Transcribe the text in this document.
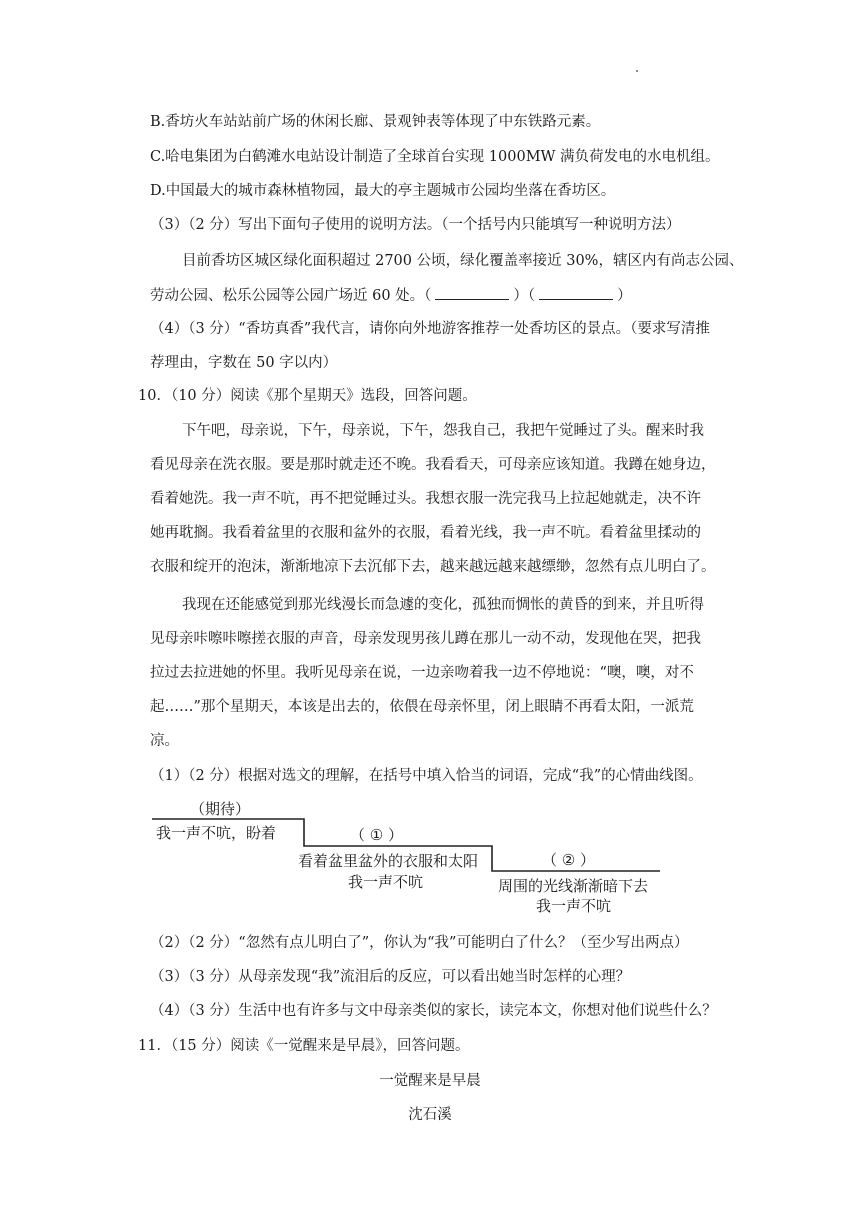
B.香坊火车站站前广场的休闲长廊、景观钟表等体现了中东铁路元素。
C.哈电集团为白鹤滩水电站设计制造了全球首台实现 1000MW 满负荷发电的水电机组。
D.中国最大的城市森林植物园，最大的亭主题城市公园均坐落在香坊区。
（3）（2 分）写出下面句子使用的说明方法。（一个括号内只能填写一种说明方法）
目前香坊区城区绿化面积超过 2700 公顷，绿化覆盖率接近 30%，辖区内有尚志公园、
劳动公园、松乐公园等公园广场近 60 处。（	）（	）
（4）（3 分）“香坊真香”我代言，请你向外地游客推荐一处香坊区的景点。（要求写清推
荐理由，字数在 50 字以内）
10．（10 分）阅读《那个星期天》选段，回答问题。
下午吧，母亲说，下午，母亲说，下午，怨我自己，我把午觉睡过了头。醒来时我
看见母亲在洗衣服。要是那时就走还不晚。我看看天，可母亲应该知道。我蹲在她身边，
看着她洗。我一声不吭，再不把觉睡过头。我想衣服一洗完我马上拉起她就走，决不许
她再耽搁。我看着盆里的衣服和盆外的衣服，看着光线，我一声不吭。看着盆里揉动的
衣服和绽开的泡沫，渐渐地凉下去沉郁下去，越来越远越来越缥缈，忽然有点儿明白了。
我现在还能感觉到那光线漫长而急遽的变化，孤独而惆怅的黄昏的到来，并且听得
见母亲咔嚓咔嚓搓衣服的声音，母亲发现男孩儿蹲在那儿一动不动，发现他在哭，把我
拉过去拉进她的怀里。我听见母亲在说，一边亲吻着我一边不停地说：“噢，噢，对不
起……”那个星期天，本该是出去的，依偎在母亲怀里，闭上眼睛不再看太阳，一派荒
凉。
（1）（2 分）根据对选文的理解，在括号中填入恰当的词语，完成“我”的心情曲线图。
（期待）
我一声不吭，盼着	（ ① ）
看着盆里盆外的衣服和太阳
我一声不吭
（ ② ）
周围的光线渐渐暗下去
我一声不吭
（2）（2 分）“忽然有点儿明白了”，你认为“我”可能明白了什么？（至少写出两点）
（3）（3 分）从母亲发现“我”流泪后的反应，可以看出她当时怎样的心理？
（4）（3 分）生活中也有许多与文中母亲类似的家长，读完本文，你想对他们说些什么？
11．（15 分）阅读《一觉醒来是早晨》，回答问题。
一觉醒来是早晨
沈石溪
